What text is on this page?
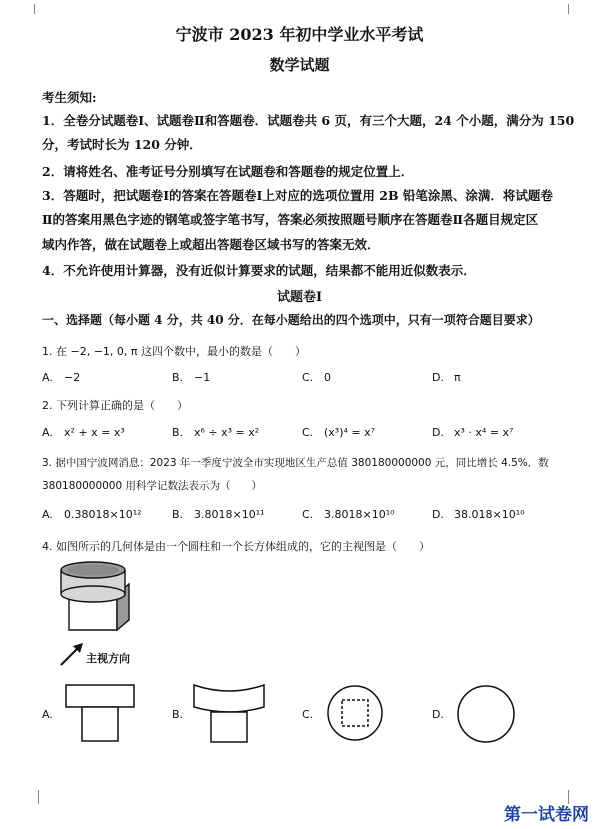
宁波市 2023 年初中学业水平考试
数学试题
考生须知:
1．全卷分试题卷Ⅰ、试题卷Ⅱ和答题卷．试题卷共 6 页，有三个大题，24 个小题，满分为 150
分，考试时长为 120 分钟．
2．请将姓名、准考证号分别填写在试题卷和答题卷的规定位置上．
3．答题时，把试题卷Ⅰ的答案在答题卷Ⅰ上对应的选项位置用 2B 铅笔涂黑、涂满．将试题卷
Ⅱ的答案用黑色字迹的钢笔或签字笔书写，答案必须按照题号顺序在答题卷Ⅱ各题目规定区
域内作答，做在试题卷上或超出答题卷区域书写的答案无效．
4．不允许使用计算器，没有近似计算要求的试题，结果都不能用近似数表示．
试题卷Ⅰ
一、选择题（每小题 4 分，共 40 分．在每小题给出的四个选项中，只有一项符合题目要求）
1. 在 −2, −1, 0, π 这四个数中，最小的数是（　　）
A. −2	B. −1	C. 0	D. π
2. 下列计算正确的是（　　）
A. x² + x = x³	B. x⁶ ÷ x³ = x²	C. (x³)⁴ = x⁷	D. x³ · x⁴ = x⁷
3. 据中国宁波网消息：2023 年一季度宁波全市实现地区生产总值 380180000000 元，同比增长 4.5%．数
380180000000 用科学记数法表示为（　　）
A. 0.38018×10¹²	B. 3.8018×10¹¹	C. 3.8018×10¹⁰	D. 38.018×10¹⁰
4. 如图所示的几何体是由一个圆柱和一个长方体组成的，它的主视图是（　　）
主视方向
A.	B.	C.	D.
第一试卷网
